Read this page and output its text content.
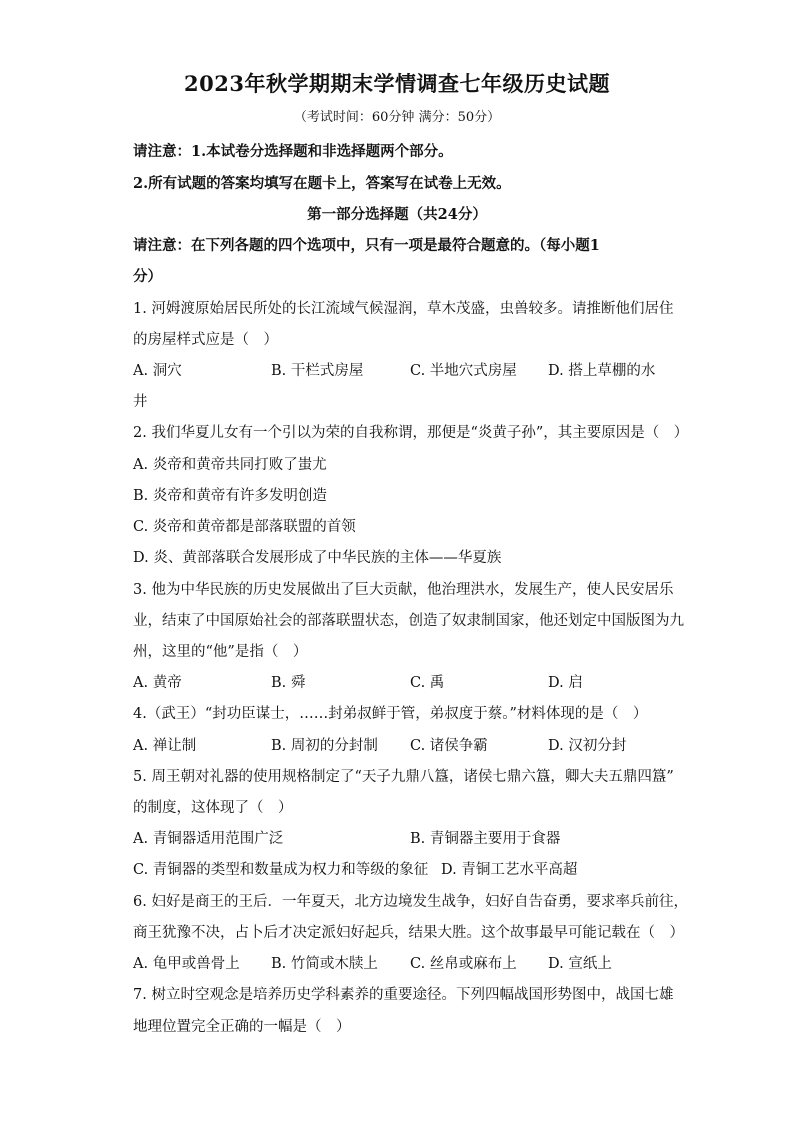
2023年秋学期期末学情调查七年级历史试题
（考试时间：60分钟 满分：50分）
请注意：1.本试卷分选择题和非选择题两个部分。
2.所有试题的答案均填写在题卡上，答案写在试卷上无效。
第一部分选择题（共24分）
请注意：在下列各题的四个选项中，只有一项是最符合题意的。（每小题1
分）
1. 河姆渡原始居民所处的长江流域气候湿润，草木茂盛，虫兽较多。请推断他们居住
的房屋样式应是（　）
A. 洞穴	B. 干栏式房屋	C. 半地穴式房屋 D. 搭上草棚的水
井
2. 我们华夏儿女有一个引以为荣的自我称谓，那便是“炎黄子孙”，其主要原因是（　）
A. 炎帝和黄帝共同打败了蚩尤
B. 炎帝和黄帝有许多发明创造
C. 炎帝和黄帝都是部落联盟的首领
D. 炎、黄部落联合发展形成了中华民族的主体——华夏族
3. 他为中华民族的历史发展做出了巨大贡献，他治理洪水，发展生产，使人民安居乐
业，结束了中国原始社会的部落联盟状态，创造了奴隶制国家，他还划定中国版图为九
州，这里的“他”是指（　）
A. 黄帝	B. 舜	C. 禹	D. 启
4.（武王）“封功臣谋士，……封弟叔鲜于管，弟叔度于蔡。”材料体现的是（　）
A. 禅让制	B. 周初的分封制 C. 诸侯争霸	D. 汉初分封
5. 周王朝对礼器的使用规格制定了“天子九鼎八簋，诸侯七鼎六簋，卿大夫五鼎四簋”
的制度，这体现了（　）
A. 青铜器适用范围广泛	B. 青铜器主要用于食器
C. 青铜器的类型和数量成为权力和等级的象征 D. 青铜工艺水平高超
6. 妇好是商王的王后．一年夏天，北方边境发生战争，妇好自告奋勇，要求率兵前往，
商王犹豫不决，占卜后才决定派妇好起兵，结果大胜。这个故事最早可能记载在（　）
A. 龟甲或兽骨上 B. 竹简或木牍上 C. 丝帛或麻布上 D. 宣纸上
7. 树立时空观念是培养历史学科素养的重要途径。下列四幅战国形势图中，战国七雄
地理位置完全正确的一幅是（　）
